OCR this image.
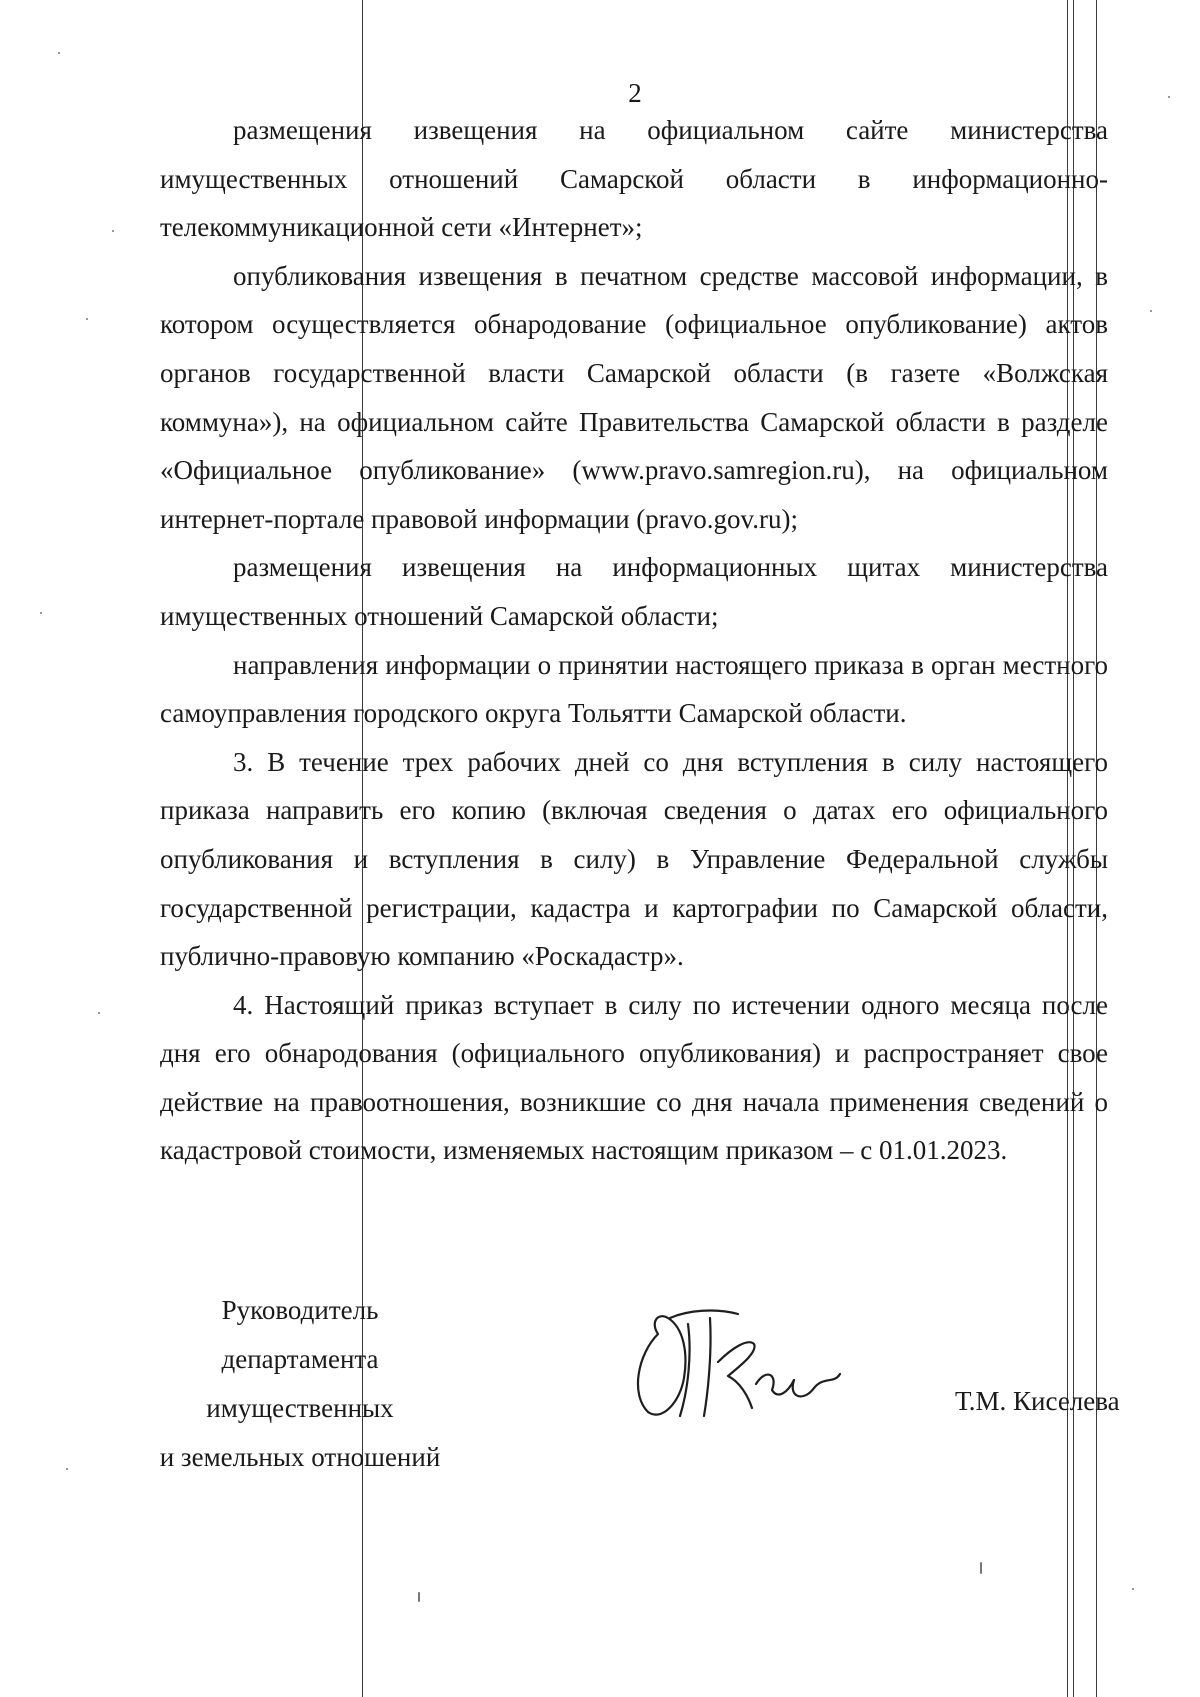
2

размещения извещения на официальном сайте министерства имущественных отношений Самарской области в информационно-телекоммуникационной сети «Интернет»;

опубликования извещения в печатном средстве массовой информации, в котором осуществляется обнародование (официальное опубликование) актов органов государственной власти Самарской области (в газете «Волжская коммуна»), на официальном сайте Правительства Самарской области в разделе «Официальное опубликование» (www.pravo.samregion.ru), на официальном интернет-портале правовой информации (pravo.gov.ru);

размещения извещения на информационных щитах министерства имущественных отношений Самарской области;

направления информации о принятии настоящего приказа в орган местного самоуправления городского округа Тольятти Самарской области.

3. В течение трех рабочих дней со дня вступления в силу настоящего приказа направить его копию (включая сведения о датах его официального опубликования и вступления в силу) в Управление Федеральной службы государственной регистрации, кадастра и картографии по Самарской области, публично-правовую компанию «Роскадастр».

4. Настоящий приказ вступает в силу по истечении одного месяца после дня его обнародования (официального опубликования) и распространяет свое действие на правоотношения, возникшие со дня начала применения сведений о кадастровой стоимости, изменяемых настоящим приказом – с 01.01.2023.

Руководитель
департамента
имущественных
и земельных отношений
Т.М. Киселева
